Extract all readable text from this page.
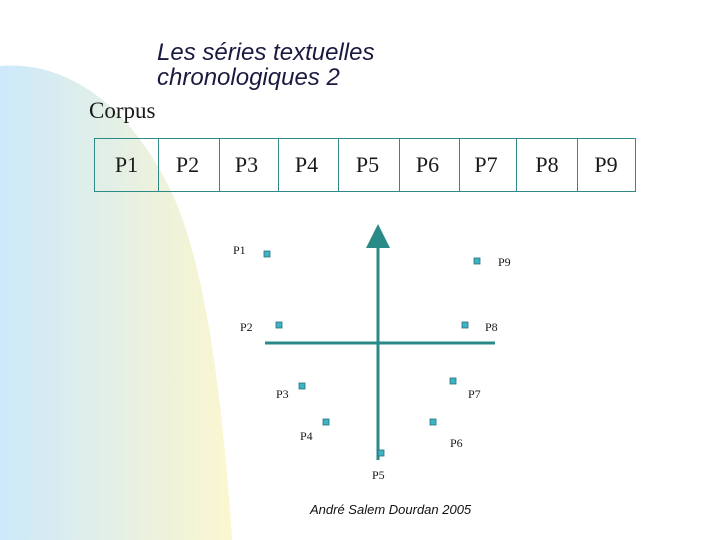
Les séries textuelles
chronologiques 2
Corpus
P1	P2	P3	P4	P5	P6	P7	P8	P9
P1
P2
P3
P4
P5
P6
P7
P8
P9
André Salem Dourdan 2005
